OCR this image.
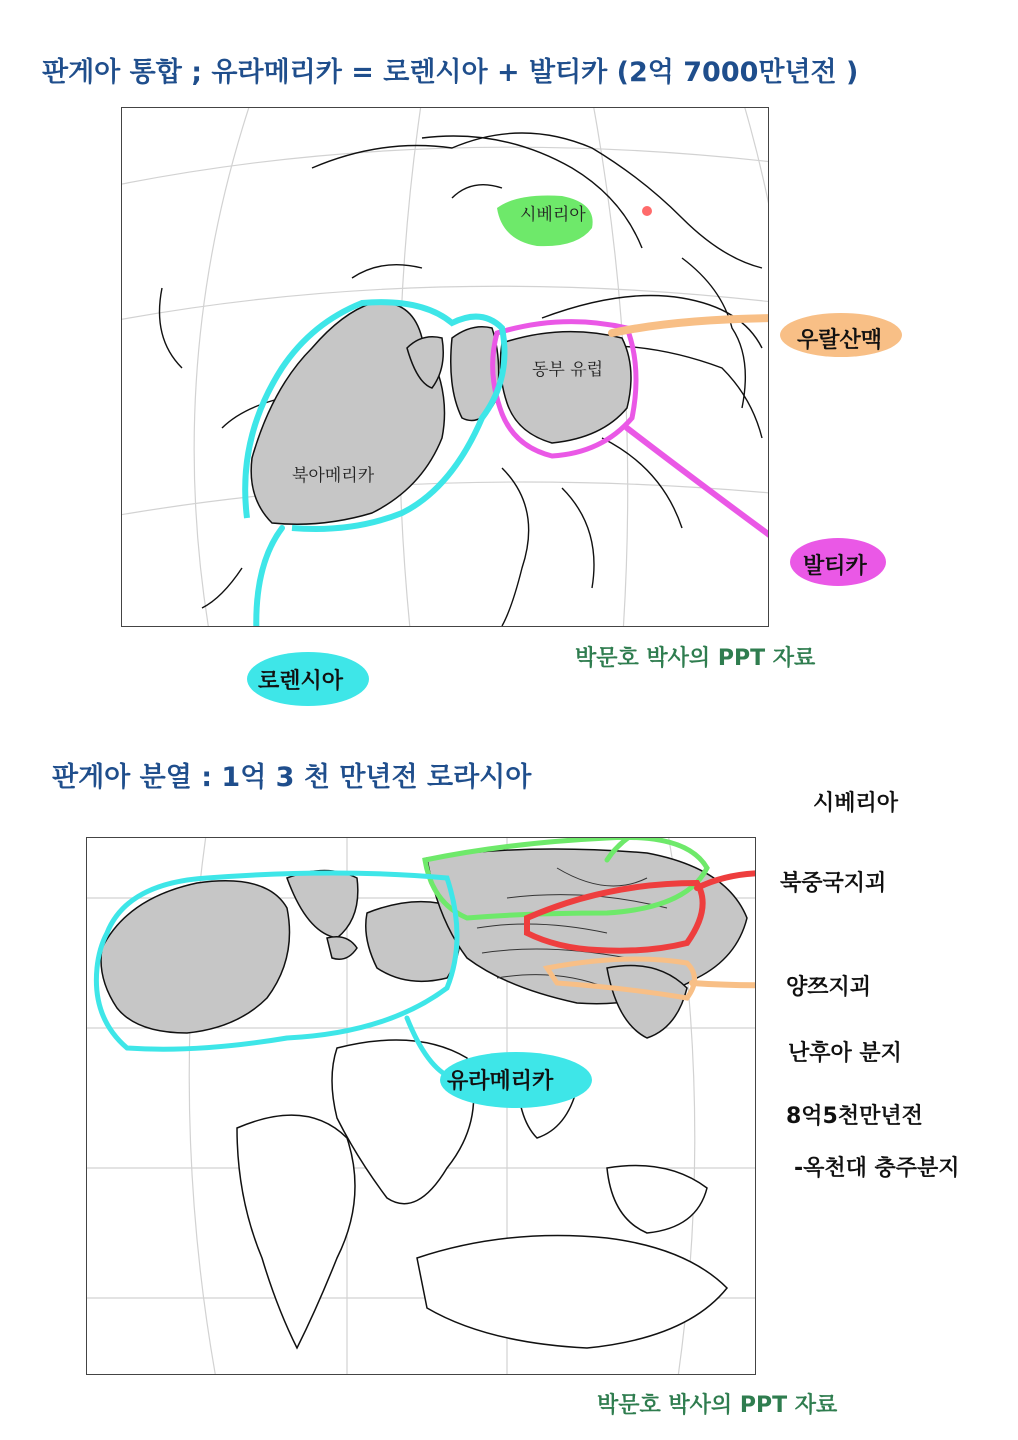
판게아 통합 ; 유라메리카 = 로렌시아 + 발티카 (2억 7000만년전 )
시베리아
동부 유럽
북아메리카
우랄산맥
발티카
로렌시아
박문호 박사의 PPT 자료
판게아 분열 : 1억 3 천 만년전 로라시아
시베리아
북중국지괴
양쯔지괴
난후아 분지
8억5천만년전
-옥천대 충주분지
유라메리카
박문호 박사의 PPT 자료
